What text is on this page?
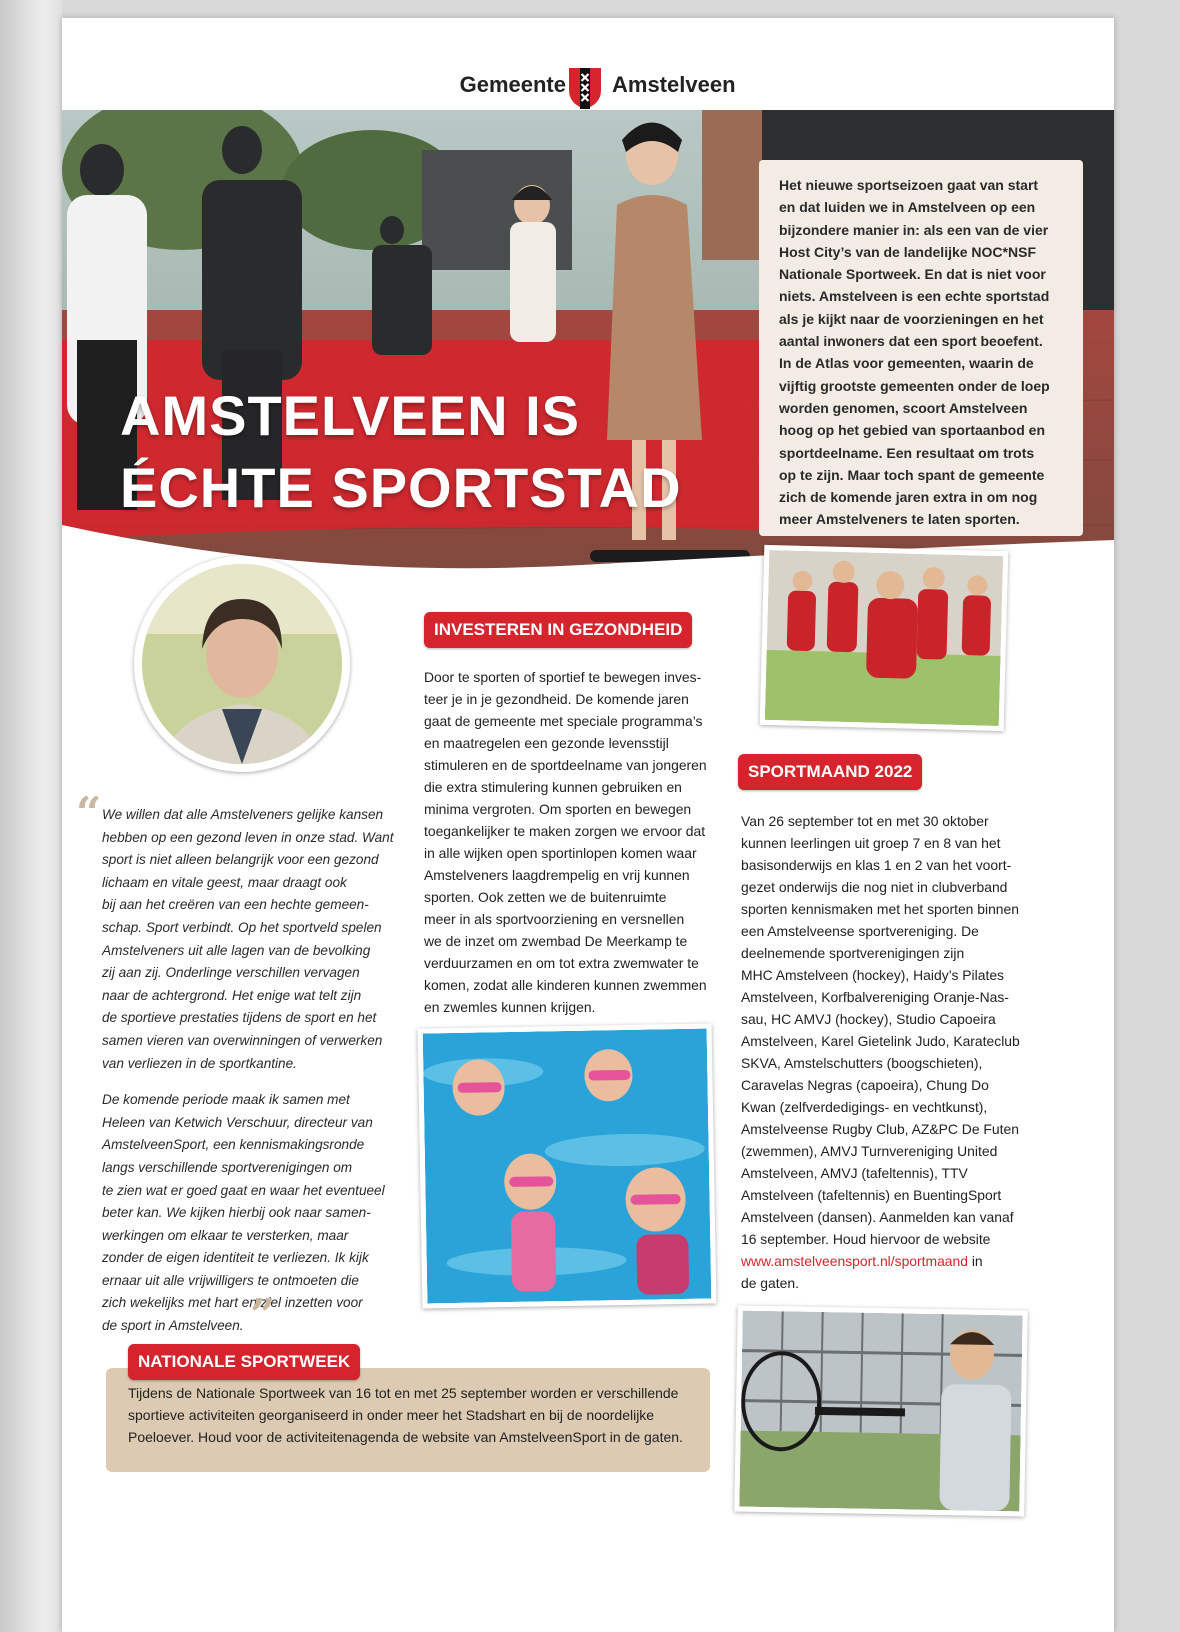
Gemeente Amstelveen
AMSTELVEEN IS
ÉCHTE SPORTSTAD
Het nieuwe sportseizoen gaat van start
en dat luiden we in Amstelveen op een
bijzondere manier in: als een van de vier
Host City’s van de landelijke NOC*NSF
Nationale Sportweek. En dat is niet voor
niets. Amstelveen is een echte sportstad
als je kijkt naar de voorzieningen en het
aantal inwoners dat een sport beoefent.
In de Atlas voor gemeenten, waarin de
vijftig grootste gemeenten onder de loep
worden genomen, scoort Amstelveen
hoog op het gebied van sportaanbod en
sportdeelname. Een resultaat om trots
op te zijn. Maar toch spant de gemeente
zich de komende jaren extra in om nog
meer Amstelveners te laten sporten.
“ We willen dat alle Amstelveners gelijke kansen
hebben op een gezond leven in onze stad. Want
sport is niet alleen belangrijk voor een gezond
lichaam en vitale geest, maar draagt ook
bij aan het creëren van een hechte gemeen-
schap. Sport verbindt. Op het sportveld spelen
Amstelveners uit alle lagen van de bevolking
zij aan zij. Onderlinge verschillen vervagen
naar de achtergrond. Het enige wat telt zijn
de sportieve prestaties tijdens de sport en het
samen vieren van overwinningen of verwerken
van verliezen in de sportkantine.
De komende periode maak ik samen met
Heleen van Ketwich Verschuur, directeur van
AmstelveenSport, een kennismakingsronde
langs verschillende sportverenigingen om
te zien wat er goed gaat en waar het eventueel
beter kan. We kijken hierbij ook naar samen-
werkingen om elkaar te versterken, maar
zonder de eigen identiteit te verliezen. Ik kijk
ernaar uit alle vrijwilligers te ontmoeten die
zich wekelijks met hart en ziel inzetten voor
de sport in Amstelveen. ”
INVESTEREN IN GEZONDHEID
Door te sporten of sportief te bewegen inves-
teer je in je gezondheid. De komende jaren
gaat de gemeente met speciale programma’s
en maatregelen een gezonde levensstijl
stimuleren en de sportdeelname van jongeren
die extra stimulering kunnen gebruiken en
minima vergroten. Om sporten en bewegen
toegankelijker te maken zorgen we ervoor dat
in alle wijken open sportinlopen komen waar
Amstelveners laagdrempelig en vrij kunnen
sporten. Ook zetten we de buitenruimte
meer in als sportvoorziening en versnellen
we de inzet om zwembad De Meerkamp te
verduurzamen en om tot extra zwemwater te
komen, zodat alle kinderen kunnen zwemmen
en zwemles kunnen krijgen.
SPORTMAAND 2022
Van 26 september tot en met 30 oktober
kunnen leerlingen uit groep 7 en 8 van het
basisonderwijs en klas 1 en 2 van het voort-
gezet onderwijs die nog niet in clubverband
sporten kennismaken met het sporten binnen
een Amstelveense sportvereniging. De
deelnemende sportverenigingen zijn
MHC Amstelveen (hockey), Haidy’s Pilates
Amstelveen, Korfbalvereniging Oranje-Nas-
sau, HC AMVJ (hockey), Studio Capoeira
Amstelveen, Karel Gietelink Judo, Karateclub
SKVA, Amstelschutters (boogschieten),
Caravelas Negras (capoeira), Chung Do
Kwan (zelfverdedigings- en vechtkunst),
Amstelveense Rugby Club, AZ&PC De Futen
(zwemmen), AMVJ Turnvereniging United
Amstelveen, AMVJ (tafeltennis), TTV
Amstelveen (tafeltennis) en BuentingSport
Amstelveen (dansen). Aanmelden kan vanaf
16 september. Houd hiervoor de website
www.amstelveensport.nl/sportmaand in
de gaten.
NATIONALE SPORTWEEK
Tijdens de Nationale Sportweek van 16 tot en met 25 september worden er verschillende
sportieve activiteiten georganiseerd in onder meer het Stadshart en bij de noordelijke
Poeloever. Houd voor de activiteitenagenda de website van AmstelveenSport in de gaten.
